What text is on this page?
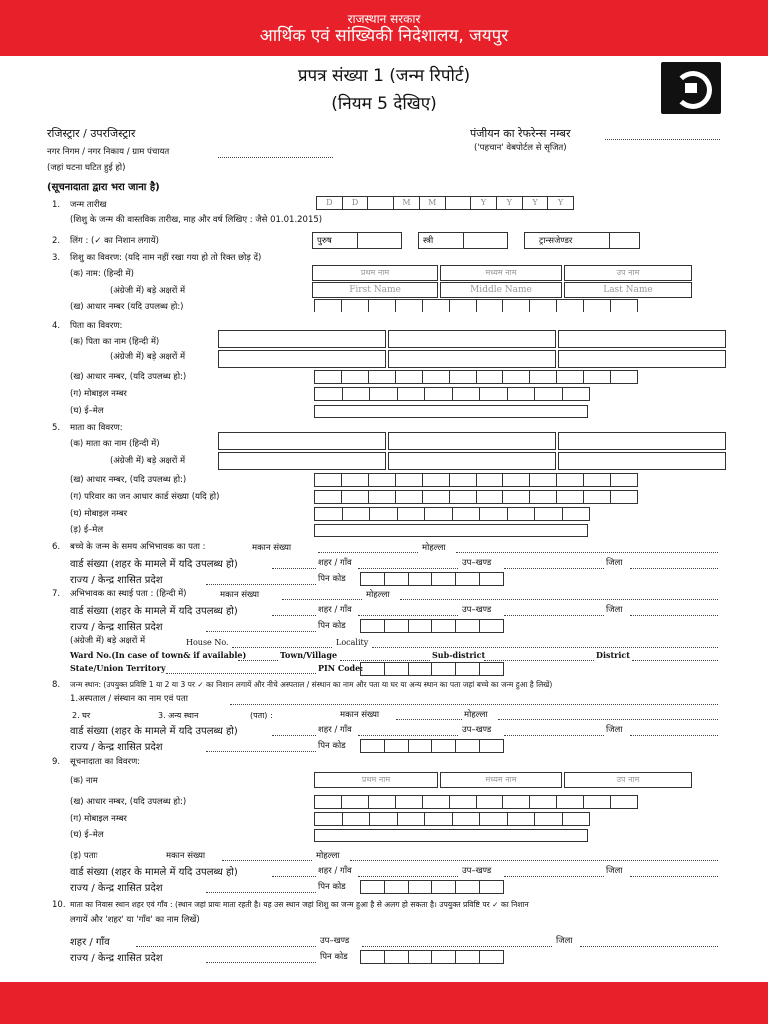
राजस्थान सरकार
आर्थिक एवं सांख्यिकी निदेशालय, जयपुर
प्रपत्र संख्या 1 (जन्म रिपोर्ट)
(नियम 5 देखिए)
रजिस्ट्रार / उपरजिस्ट्रार	पंजीयन का रेफरेन्स नम्बर
नगर निगम / नगर निकाय / ग्राम पंचायत	('पहचान' वेबपोर्टल से सृजित)
(जहां घटना घटित हुई हो)
(सूचनादाता द्वारा भरा जाना है)
1. जन्म तारीख
(शिशु के जन्म की वास्तविक तारीख, माह और वर्ष लिखिए : जैसे 01.01.2015)
D	D	M	M	Y	Y	Y	Y
2. लिंग : (✓ का निशान लगायें)	पुरुष	स्त्री	ट्रान्सजेण्डर
3. शिशु का विवरण: (यदि नाम नहीं रखा गया हो तो रिक्त छोड़ दें)
(क) नाम: (हिन्दी में)
(अंग्रेजी में) बड़े अक्षरों में
(ख) आधार नम्बर (यदि उपलब्ध हो:)
प्रथम नाम	मध्यम नाम	उप नाम
First Name	Middle Name	Last Name
4. पिता का विवरण:
(क) पिता का नाम (हिन्दी में)
(अंग्रेजी में) बड़े अक्षरों में
(ख) आधार नम्बर, (यदि उपलब्ध हो:)
(ग) मोबाइल नम्बर
(घ) ई–मेल
5. माता का विवरण:
(क) माता का नाम (हिन्दी में)
(अंग्रेजी में) बड़े अक्षरों में
(ख) आधार नम्बर, (यदि उपलब्ध हो:)
(ग) परिवार का जन आधार कार्ड संख्या (यदि हो)
(घ) मोबाइल नम्बर
(ड़) ई–मेल
6. बच्चे के जन्म के समय अभिभावक का पता :	मकान संख्या	मोहल्ला
वार्ड संख्या (शहर के मामले में यदि उपलब्ध हो)	शहर / गाँव	उप–खण्ड	जिला
राज्य / केन्द्र शासित प्रदेश	पिन कोड
7. अभिभावक का स्थाई पता : (हिन्दी में)	मकान संख्या	मोहल्ला
वार्ड संख्या (शहर के मामले में यदि उपलब्ध हो)	शहर / गाँव	उप–खण्ड	जिला
राज्य / केन्द्र शासित प्रदेश	पिन कोड
(अंग्रेजी में) बड़े अक्षरों में	House No.	Locality
Ward No.(In case of town& if available)	Town/Village	Sub-district	District
State/Union Territory	PIN Code:
8. जन्म स्थान: (उपयुक्त प्रविष्टि 1 या 2 या 3 पर ✓ का निशान लगायें और नीचे अस्पताल / संस्थान का नाम और पता या घर या अन्य स्थान का पता जहां बच्चे का जन्म हुआ है लिखें)
1.अस्पताल / संस्थान का नाम एवं पता
2. घर	3. अन्य स्थान	(पता) :	मकान संख्या	मोहल्ला
वार्ड संख्या (शहर के मामले में यदि उपलब्ध हो)	शहर / गाँव	उप–खण्ड	जिला
राज्य / केन्द्र शासित प्रदेश	पिन कोड
9. सूचनादाता का विवरण:
(क) नाम	प्रथम नाम	मध्यम नाम	उप नाम
(ख) आधार नम्बर, (यदि उपलब्ध हो:)
(ग) मोबाइल नम्बर
(घ) ई–मेल
(ड़) पताः	मकान संख्या	मोहल्ला
वार्ड संख्या (शहर के मामले में यदि उपलब्ध हो)	शहर / गाँव	उप–खण्ड	जिला
राज्य / केन्द्र शासित प्रदेश	पिन कोड
10. माता का निवास स्थान शहर एवं गाँव : (स्थान जहां प्रायः माता रहती है। यह उस स्थान जहां शिशु का जन्म हुआ है से अलग हो सकता है। उपयुक्त प्रविष्टि पर ✓ का निशान
लगायें और 'शहर' या 'गाँव' का नाम लिखें)
शहर / गाँव	उप–खण्ड	जिला
राज्य / केन्द्र शासित प्रदेश	पिन कोड
